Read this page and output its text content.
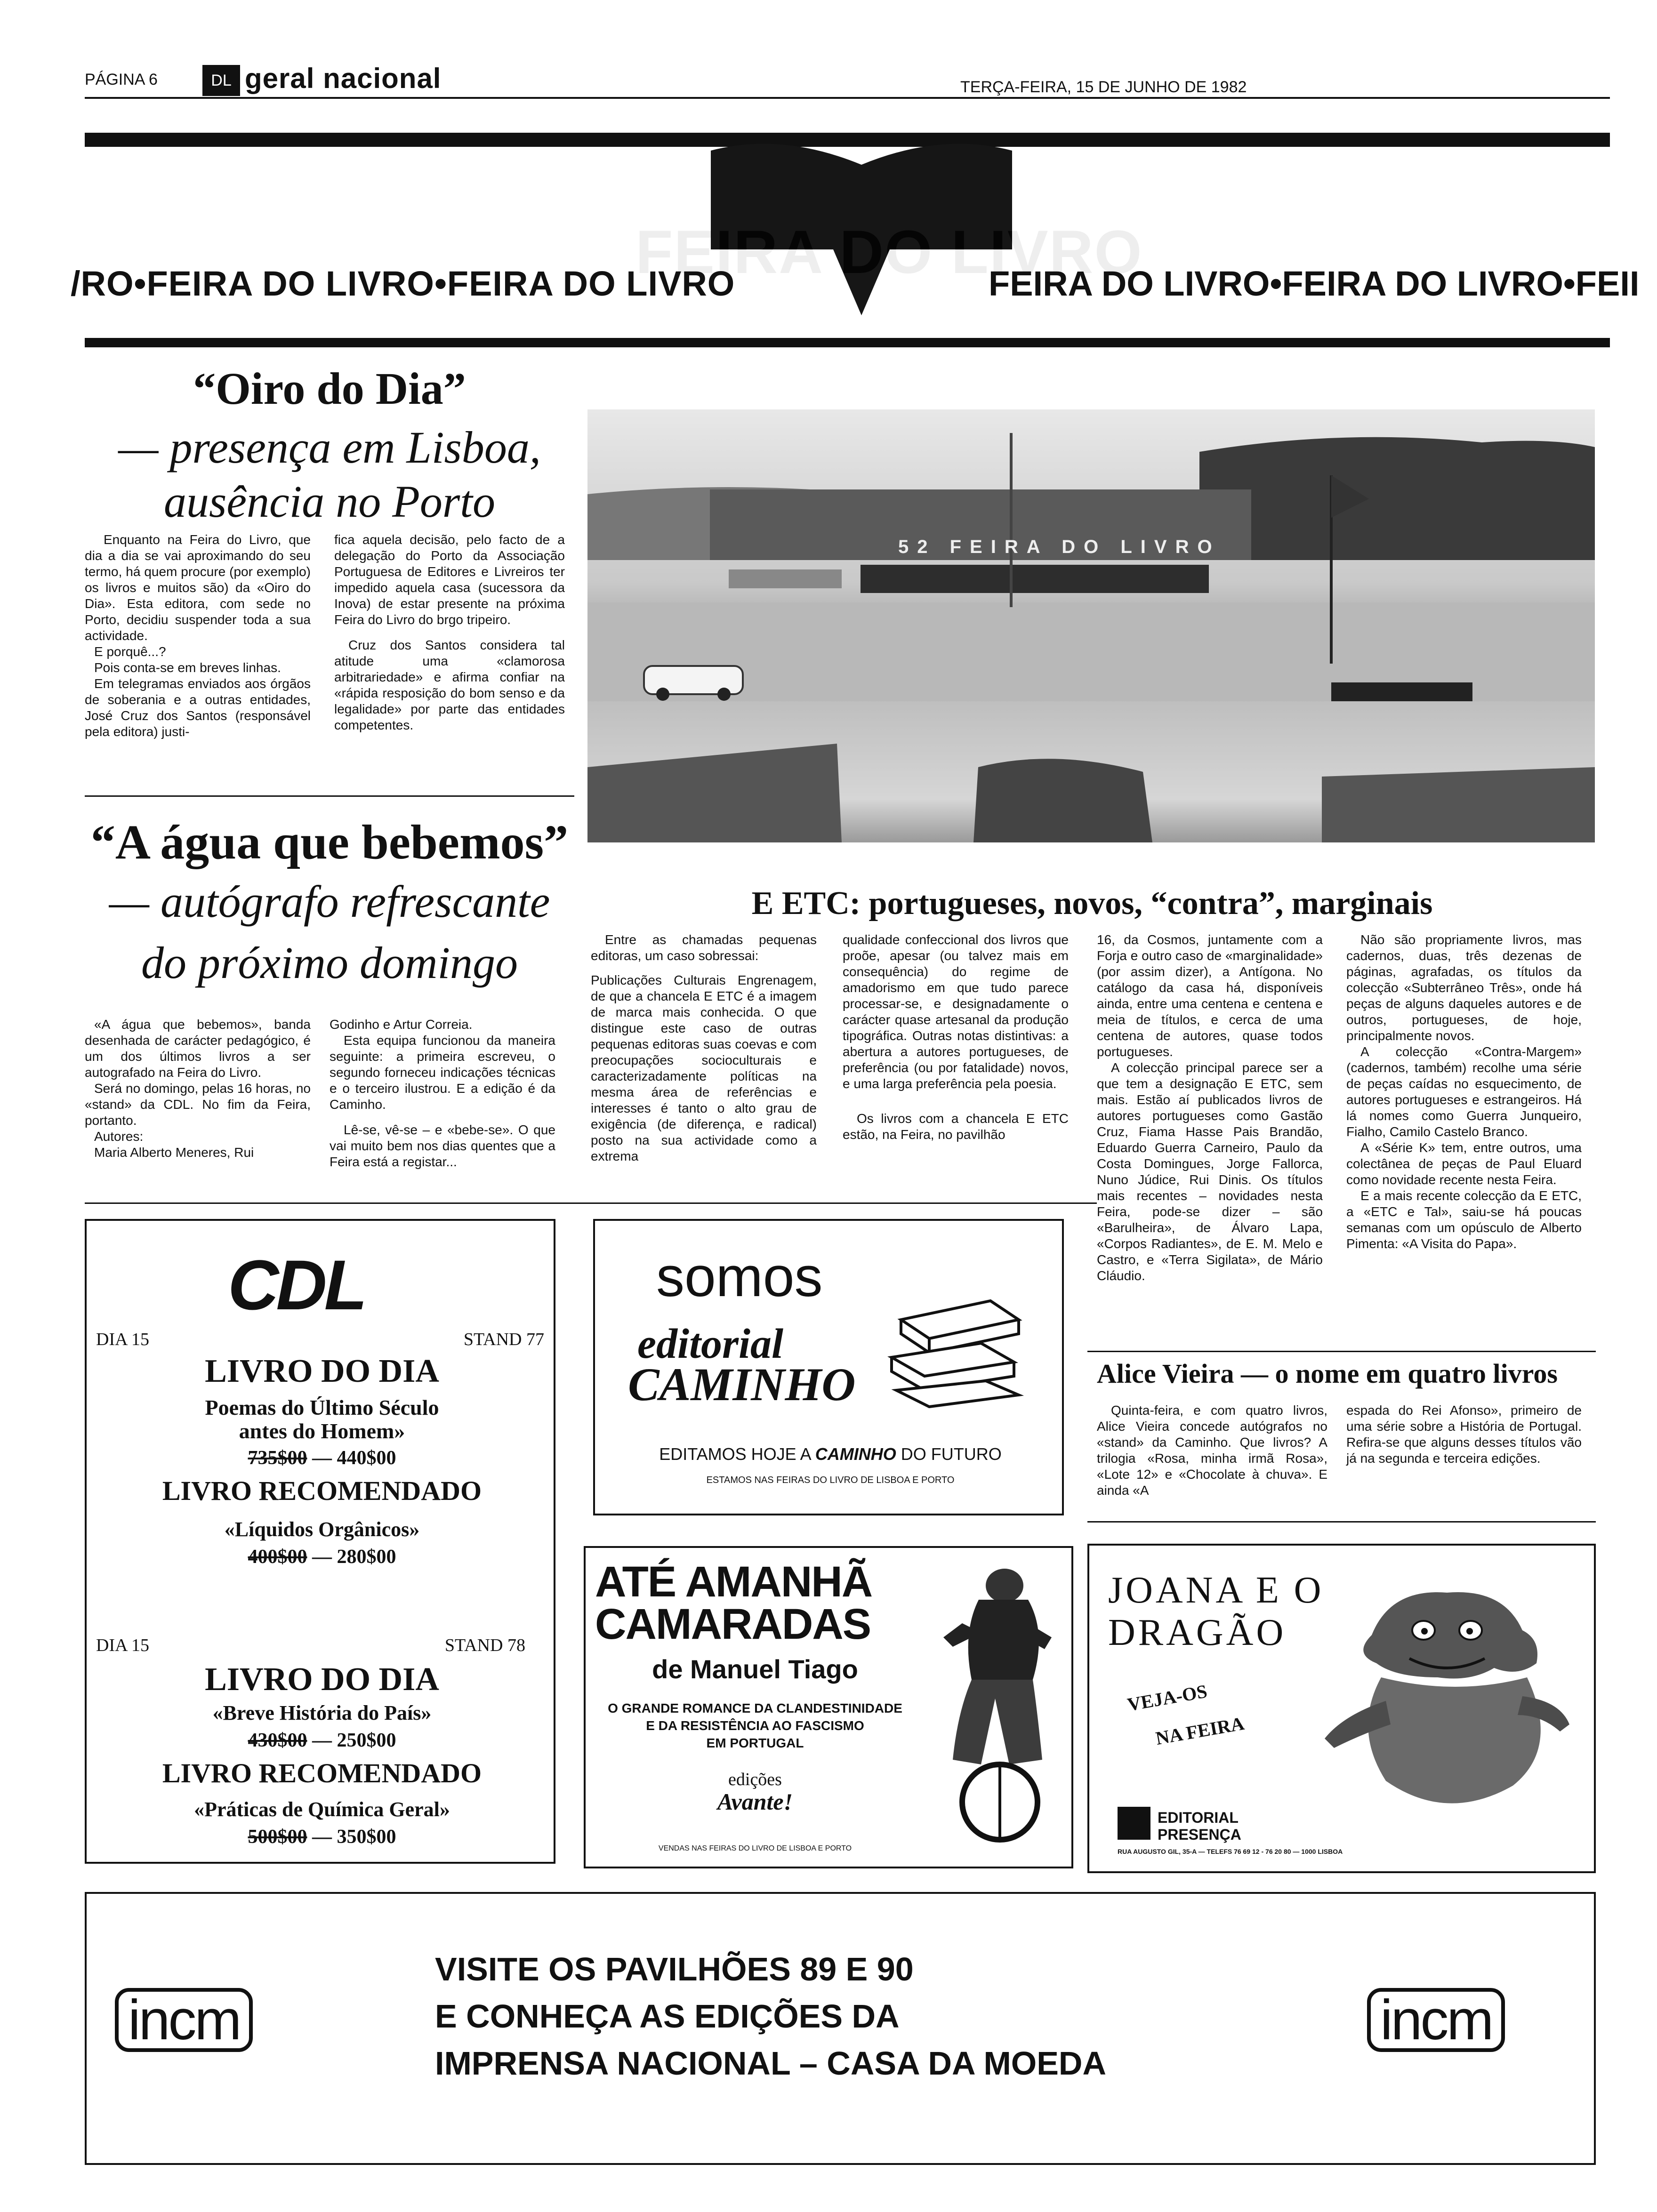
PÁGINA 6	DL geral nacional	TERÇA-FEIRA, 15 DE JUNHO DE 1982
FEIRA DO LIVRO
/RO•FEIRA DO LIVRO•FEIRA DO LIVRO	FEIRA DO LIVRO•FEIRA DO LIVRO•FEII
“Oiro do Dia”
— presença em Lisboa,
ausência no Porto

Enquanto na Feira do Livro, que dia a dia se vai aproximando do seu termo, há quem procure (por exemplo) os livros e muitos são) da «Oiro do Dia». Esta editora, com sede no Porto, decidiu suspender toda a sua actividade.

E porquê...?

Pois conta-se em breves linhas.

Em telegramas enviados aos órgãos de soberania e a outras entidades, José Cruz dos Santos (responsável pela editora) justi-

fica aquela decisão, pelo facto de a delegação do Porto da Associação Portuguesa de Editores e Livreiros ter impedido aquela casa (sucessora da Inova) de estar presente na próxima Feira do Livro do brgo tripeiro.

Cruz dos Santos considera tal atitude uma «clamorosa arbitrariedade» e afirma confiar na «rápida resposição do bom senso e da legalidade» por parte das entidades competentes.

52 FEIRA DO LIVRO
“A água que bebemos”
— autógrafo refrescante
do próximo domingo

«A água que bebemos», banda desenhada de carácter pedagógico, é um dos últimos livros a ser autografado na Feira do Livro.

Será no domingo, pelas 16 horas, no «stand» da CDL. No fim da Feira, portanto.

Autores:

Maria Alberto Meneres, Rui

Godinho e Artur Correia.

Esta equipa funcionou da maneira seguinte: a primeira escreveu, o segundo forneceu indicações técnicas e o terceiro ilustrou. E a edição é da Caminho.

Lê-se, vê-se – e «bebe-se». O que vai muito bem nos dias quentes que a Feira está a registar...

E ETC: portugueses, novos, “contra”, marginais

Entre as chamadas pequenas editoras, um caso sobressai:

Publicações Culturais Engrenagem, de que a chancela E ETC é a imagem de marca mais conhecida. O que distingue este caso de outras pequenas editoras suas coevas e com preocupações socioculturais e caracterizadamente políticas na mesma área de referências e interesses é tanto o alto grau de exigência (de diferença, e radical) posto na sua actividade como a extrema

qualidade confeccional dos livros que proõe, apesar (ou talvez mais em consequência) do regime de amadorismo em que tudo parece processar-se, e designadamente o carácter quase artesanal da produção tipográfica. Outras notas distintivas: a abertura a autores portugueses, de preferência (ou por fatalidade) novos, e uma larga preferência pela poesia.

Os livros com a chancela E ETC estão, na Feira, no pavilhão

16, da Cosmos, juntamente com a Forja e outro caso de «marginalidade» (por assim dizer), a Antígona. No catálogo da casa há, disponíveis ainda, entre uma centena e centena e meia de títulos, e cerca de uma centena de autores, quase todos portugueses.

A colecção principal parece ser a que tem a designação E ETC, sem mais. Estão aí publicados livros de autores portugueses como Gastão Cruz, Fiama Hasse Pais Brandão, Eduardo Guerra Carneiro, Paulo da Costa Domingues, Jorge Fallorca, Nuno Júdice, Rui Dinis. Os títulos mais recentes – novidades nesta Feira, pode-se dizer – são «Barulheira», de Álvaro Lapa, «Corpos Radiantes», de E. M. Melo e Castro, e «Terra Sigilata», de Mário Cláudio.

Não são propriamente livros, mas cadernos, duas, três dezenas de páginas, agrafadas, os títulos da colecção «Subterrâneo Três», onde há peças de alguns daqueles autores e de outros, portugueses, de hoje, principalmente novos.

A colecção «Contra-Margem» (cadernos, também) recolhe uma série de peças caídas no esquecimento, de autores portugueses e estrangeiros. Há lá nomes como Guerra Junqueiro, Fialho, Camilo Castelo Branco.

A «Série K» tem, entre outros, uma colectânea de peças de Paul Eluard como novidade recente nesta Feira.

E a mais recente colecção da E ETC, a «ETC e Tal», saiu-se há poucas semanas com um opúsculo de Alberto Pimenta: «A Visita do Papa».

CDL
DIA 15	STAND 77
LIVRO DO DIA
Poemas do Último Século
antes do Homem»
735$00 — 440$00
LIVRO RECOMENDADO
«Líquidos Orgânicos»
400$00 — 280$00
DIA 15	STAND 78
LIVRO DO DIA
«Breve História do País»
430$00 — 250$00
LIVRO RECOMENDADO
«Práticas de Química Geral»
500$00 — 350$00
somos
editorial
CAMINHO
EDITAMOS HOJE A CAMINHO DO FUTURO
ESTAMOS NAS FEIRAS DO LIVRO DE LISBOA E PORTO
Alice Vieira — o nome em quatro livros

Quinta-feira, e com quatro livros, Alice Vieira concede autógrafos no «stand» da Caminho. Que livros? A trilogia «Rosa, minha irmã Rosa», «Lote 12» e «Chocolate à chuva». E ainda «A

espada do Rei Afonso», primeiro de uma série sobre a História de Portugal. Refira-se que alguns desses títulos vão já na segunda e terceira edições.

ATÉ AMANHÃ
CAMARADAS
de Manuel Tiago
O GRANDE ROMANCE DA CLANDESTINIDADE
E DA RESISTÊNCIA AO FASCISMO
EM PORTUGAL
edições
Avante!
VENDAS NAS FEIRAS DO LIVRO DE LISBOA E PORTO
JOANA E O
DRAGÃO
VEJA-OS
NA FEIRA
EDITORIAL
PRESENÇA
RUA AUGUSTO GIL, 35-A — TELEFS 76 69 12 - 76 20 80 — 1000 LISBOA
incm
VISITE OS PAVILHÕES 89 E 90
E CONHEÇA AS EDIÇÕES DA
IMPRENSA NACIONAL – CASA DA MOEDA
incm
